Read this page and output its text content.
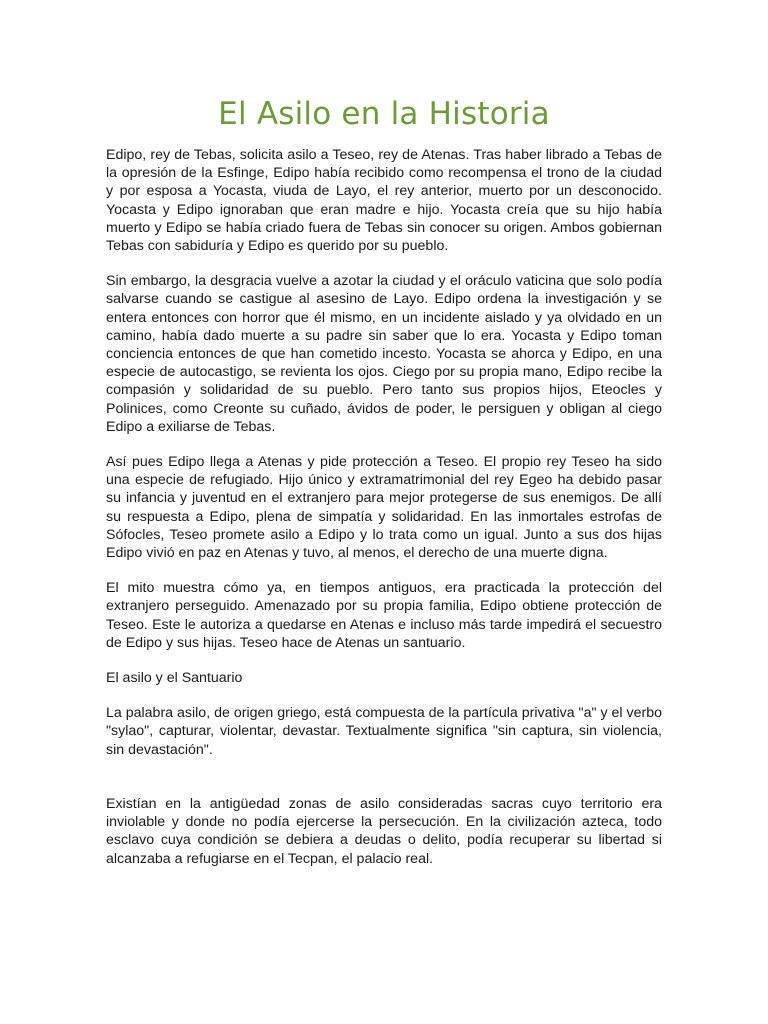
El Asilo en la Historia

Edipo, rey de Tebas, solicita asilo a Teseo, rey de Atenas. Tras haber librado a Tebas de la opresión de la Esfinge, Edipo había recibido como recompensa el trono de la ciudad y por esposa a Yocasta, viuda de Layo, el rey anterior, muerto por un desconocido. Yocasta y Edipo ignoraban que eran madre e hijo. Yocasta creía que su hijo había muerto y Edipo se había criado fuera de Tebas sin conocer su origen. Ambos gobiernan Tebas con sabiduría y Edipo es querido por su pueblo.

Sin embargo, la desgracia vuelve a azotar la ciudad y el oráculo vaticina que solo podía salvarse cuando se castigue al asesino de Layo. Edipo ordena la investigación y se entera entonces con horror que él mismo, en un incidente aislado y ya olvidado en un camino, había dado muerte a su padre sin saber que lo era. Yocasta y Edipo toman conciencia entonces de que han cometido incesto. Yocasta se ahorca y Edipo, en una especie de autocastigo, se revienta los ojos. Ciego por su propia mano, Edipo recibe la compasión y solidaridad de su pueblo. Pero tanto sus propios hijos, Eteocles y Polinices, como Creonte su cuñado, ávidos de poder, le persiguen y obligan al ciego Edipo a exiliarse de Tebas.

Así pues Edipo llega a Atenas y pide protección a Teseo. El propio rey Teseo ha sido una especie de refugiado. Hijo único y extramatrimonial del rey Egeo ha debido pasar su infancia y juventud en el extranjero para mejor protegerse de sus enemigos. De allí su respuesta a Edipo, plena de simpatía y solidaridad. En las inmortales estrofas de Sófocles, Teseo promete asilo a Edipo y lo trata como un igual. Junto a sus dos hijas Edipo vivió en paz en Atenas y tuvo, al menos, el derecho de una muerte digna.

El mito muestra cómo ya, en tiempos antiguos, era practicada la protección del extranjero perseguido. Amenazado por su propia familia, Edipo obtiene protección de Teseo. Este le autoriza a quedarse en Atenas e incluso más tarde impedirá el secuestro de Edipo y sus hijas. Teseo hace de Atenas un santuario.

El asilo y el Santuario

La palabra asilo, de origen griego, está compuesta de la partícula privativa "a" y el verbo "sylao", capturar, violentar, devastar. Textualmente significa "sin captura, sin violencia, sin devastación".

Existían en la antigüedad zonas de asilo consideradas sacras cuyo territorio era inviolable y donde no podía ejercerse la persecución. En la civilización azteca, todo esclavo cuya condición se debiera a deudas o delito, podía recuperar su libertad si alcanzaba a refugiarse en el Tecpan, el palacio real.
